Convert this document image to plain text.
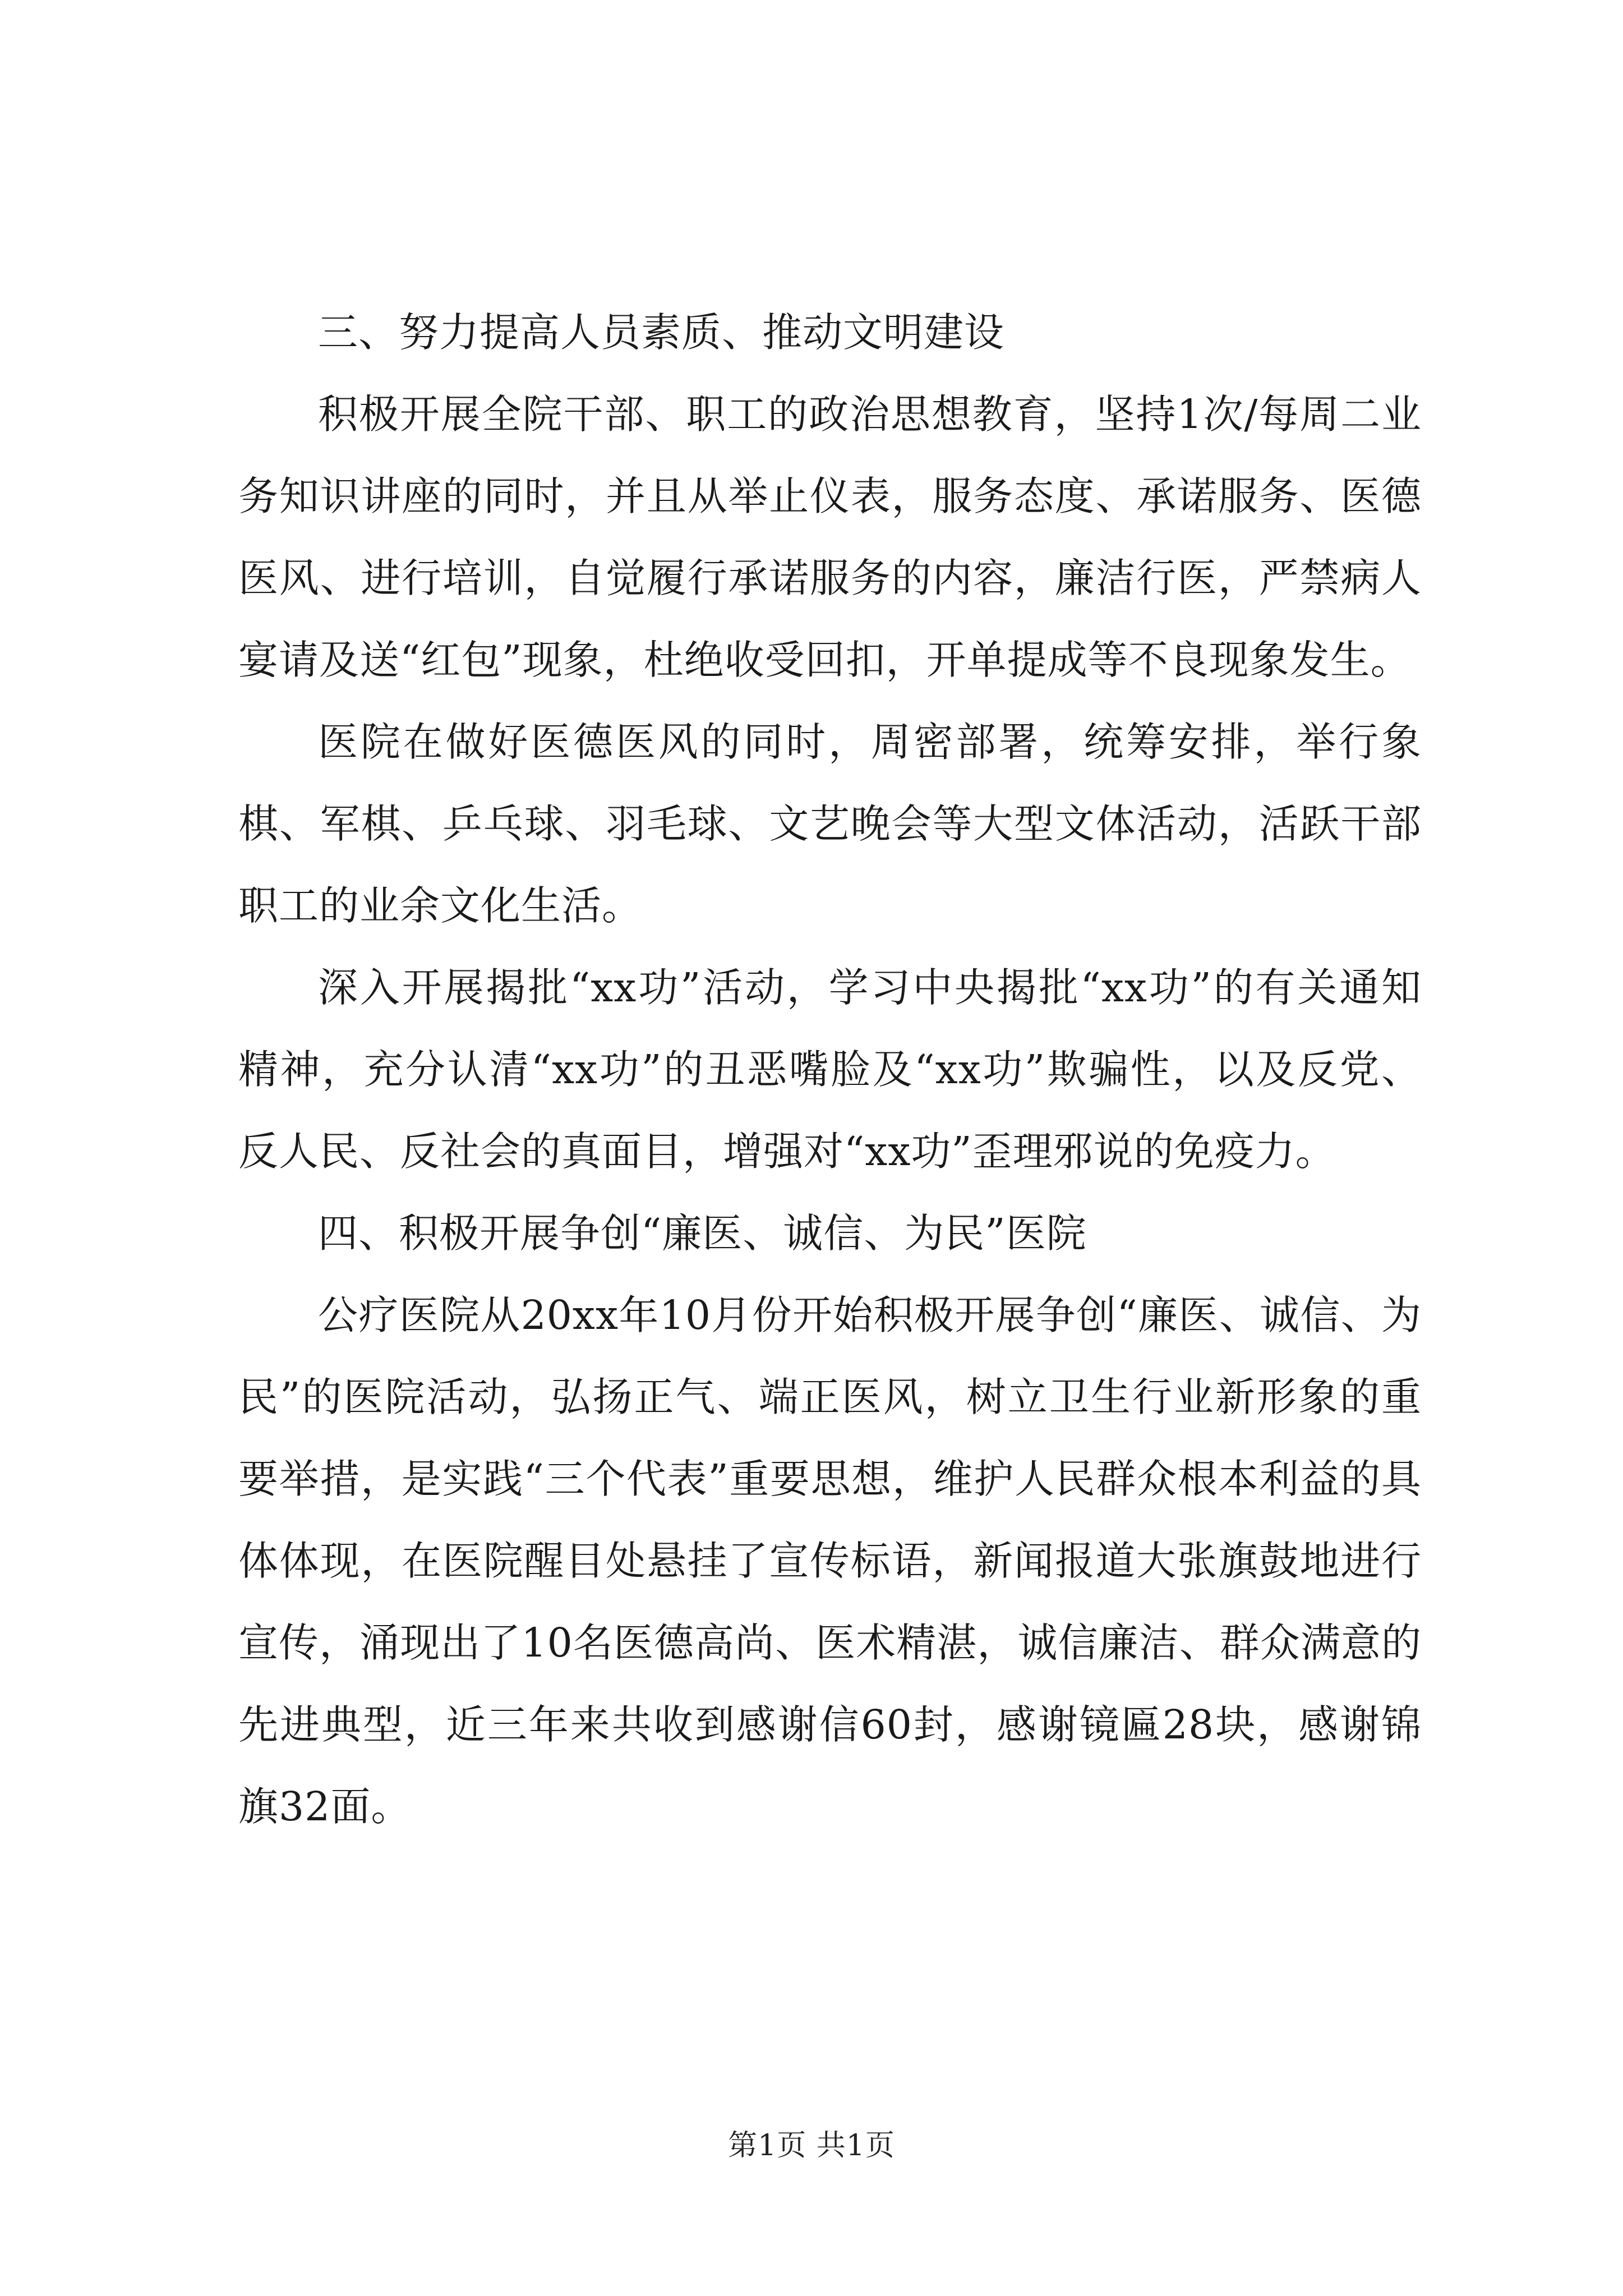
三、努力提高人员素质、推动文明建设

积极开展全院干部、职工的政治思想教育，坚持1次/每周二业务知识讲座的同时，并且从举止仪表，服务态度、承诺服务、医德医风、进行培训，自觉履行承诺服务的内容，廉洁行医，严禁病人宴请及送“红包”现象，杜绝收受回扣，开单提成等不良现象发生。

医院在做好医德医风的同时，周密部署，统筹安排，举行象棋、军棋、乒乓球、羽毛球、文艺晚会等大型文体活动，活跃干部职工的业余文化生活。

深入开展揭批“xx功”活动，学习中央揭批“xx功”的有关通知精神，充分认清“xx功”的丑恶嘴脸及“xx功”欺骗性，以及反党、反人民、反社会的真面目，增强对“xx功”歪理邪说的免疫力。

四、积极开展争创“廉医、诚信、为民”医院

公疗医院从20xx年10月份开始积极开展争创“廉医、诚信、为民”的医院活动，弘扬正气、端正医风，树立卫生行业新形象的重要举措，是实践“三个代表”重要思想，维护人民群众根本利益的具体体现，在医院醒目处悬挂了宣传标语，新闻报道大张旗鼓地进行宣传，涌现出了10名医德高尚、医术精湛，诚信廉洁、群众满意的先进典型，近三年来共收到感谢信60封，感谢镜匾28块，感谢锦旗32面。

第1页 共1页
